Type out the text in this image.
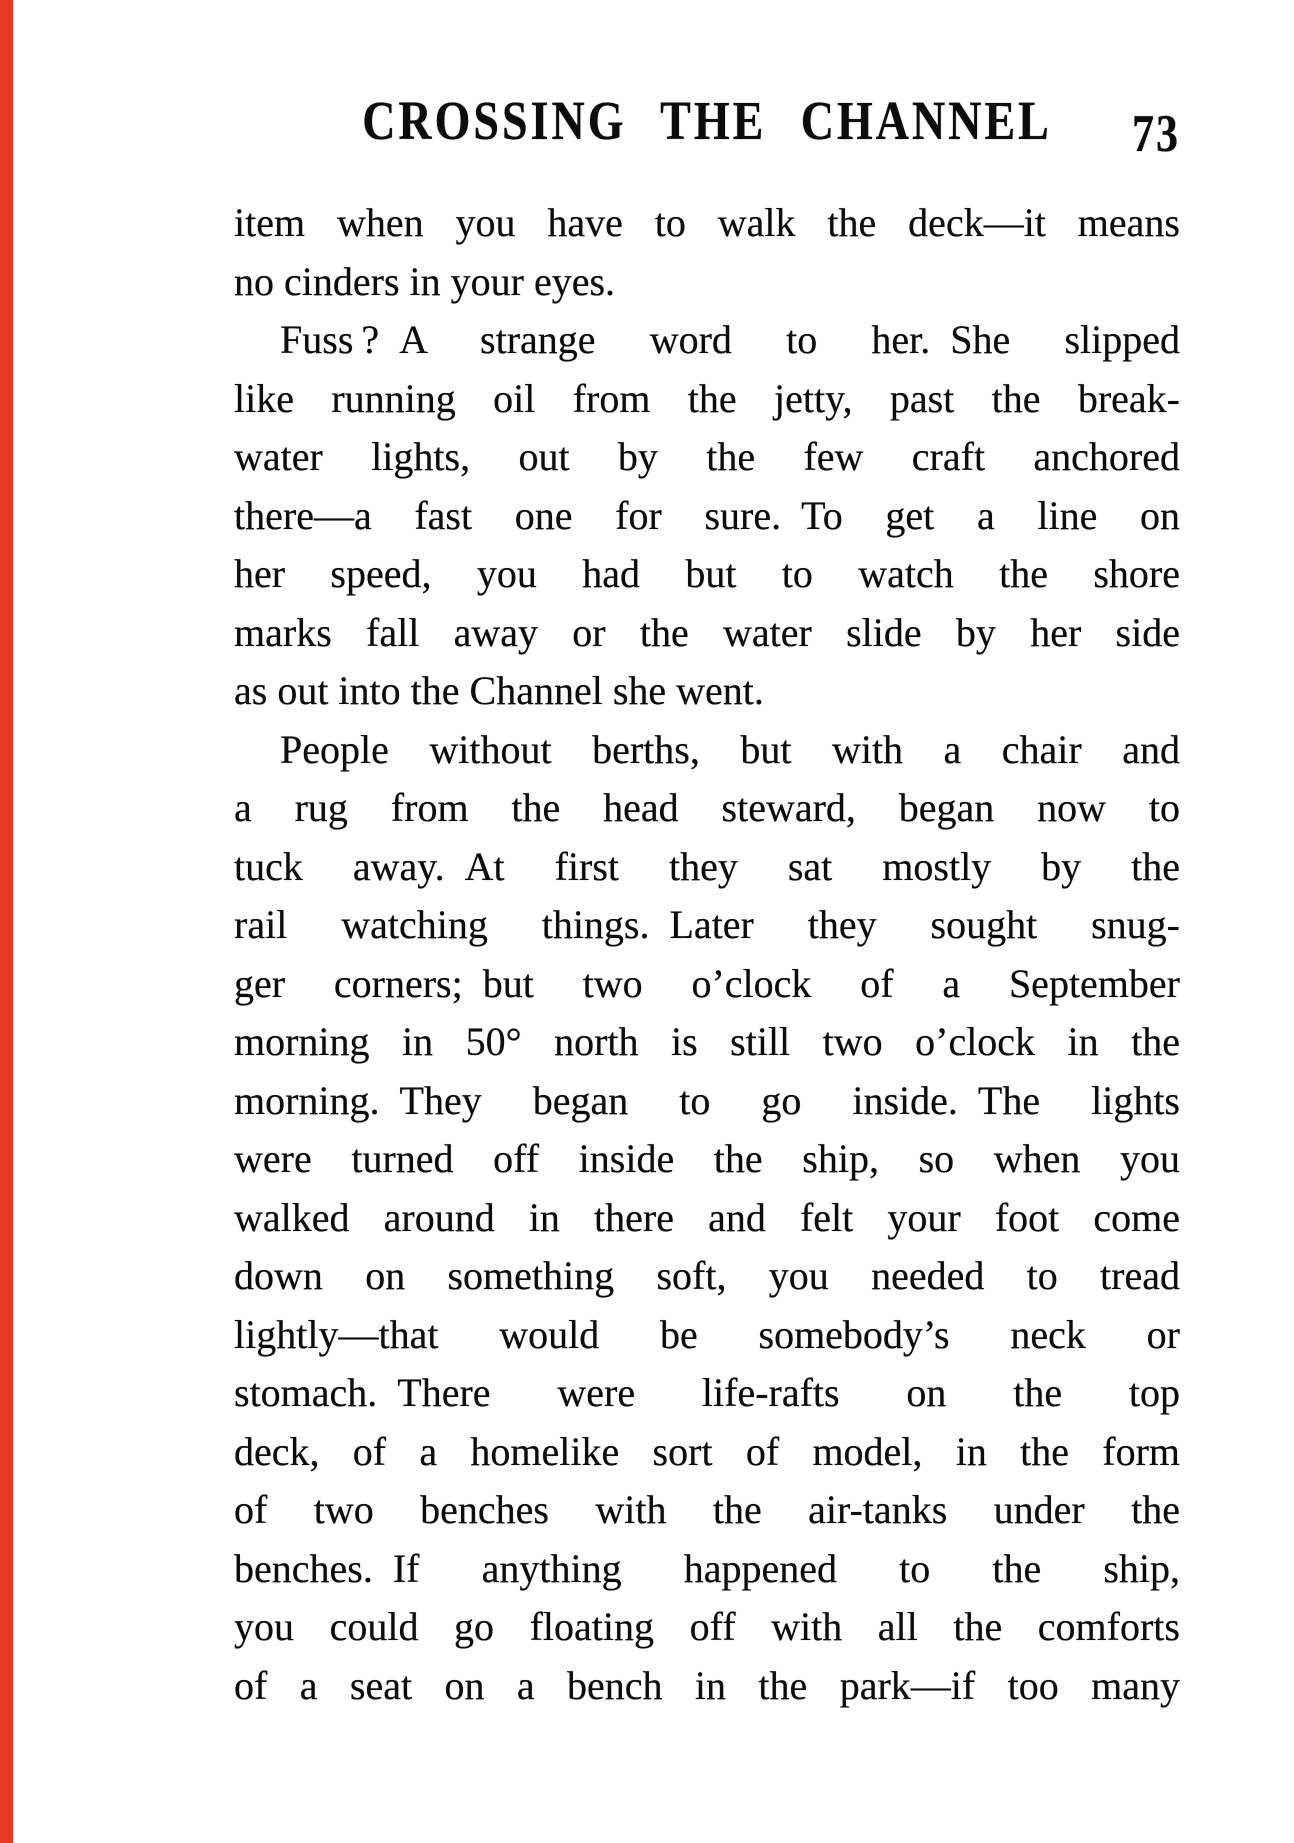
CROSSING THE CHANNEL	73
item when you have to walk the deck—it means
no cinders in your eyes.
Fuss ? A strange word to her. She slipped
like running oil from the jetty, past the break-
water lights, out by the few craft anchored
there—a fast one for sure. To get a line on
her speed, you had but to watch the shore
marks fall away or the water slide by her side
as out into the Channel she went.
People without berths, but with a chair and
a rug from the head steward, began now to
tuck away. At first they sat mostly by the
rail watching things. Later they sought snug-
ger corners; but two o’clock of a September
morning in 50° north is still two o’clock in the
morning. They began to go inside. The lights
were turned off inside the ship, so when you
walked around in there and felt your foot come
down on something soft, you needed to tread
lightly—that would be somebody’s neck or
stomach. There were life-rafts on the top
deck, of a homelike sort of model, in the form
of two benches with the air-tanks under the
benches. If anything happened to the ship,
you could go floating off with all the comforts
of a seat on a bench in the park—if too many
